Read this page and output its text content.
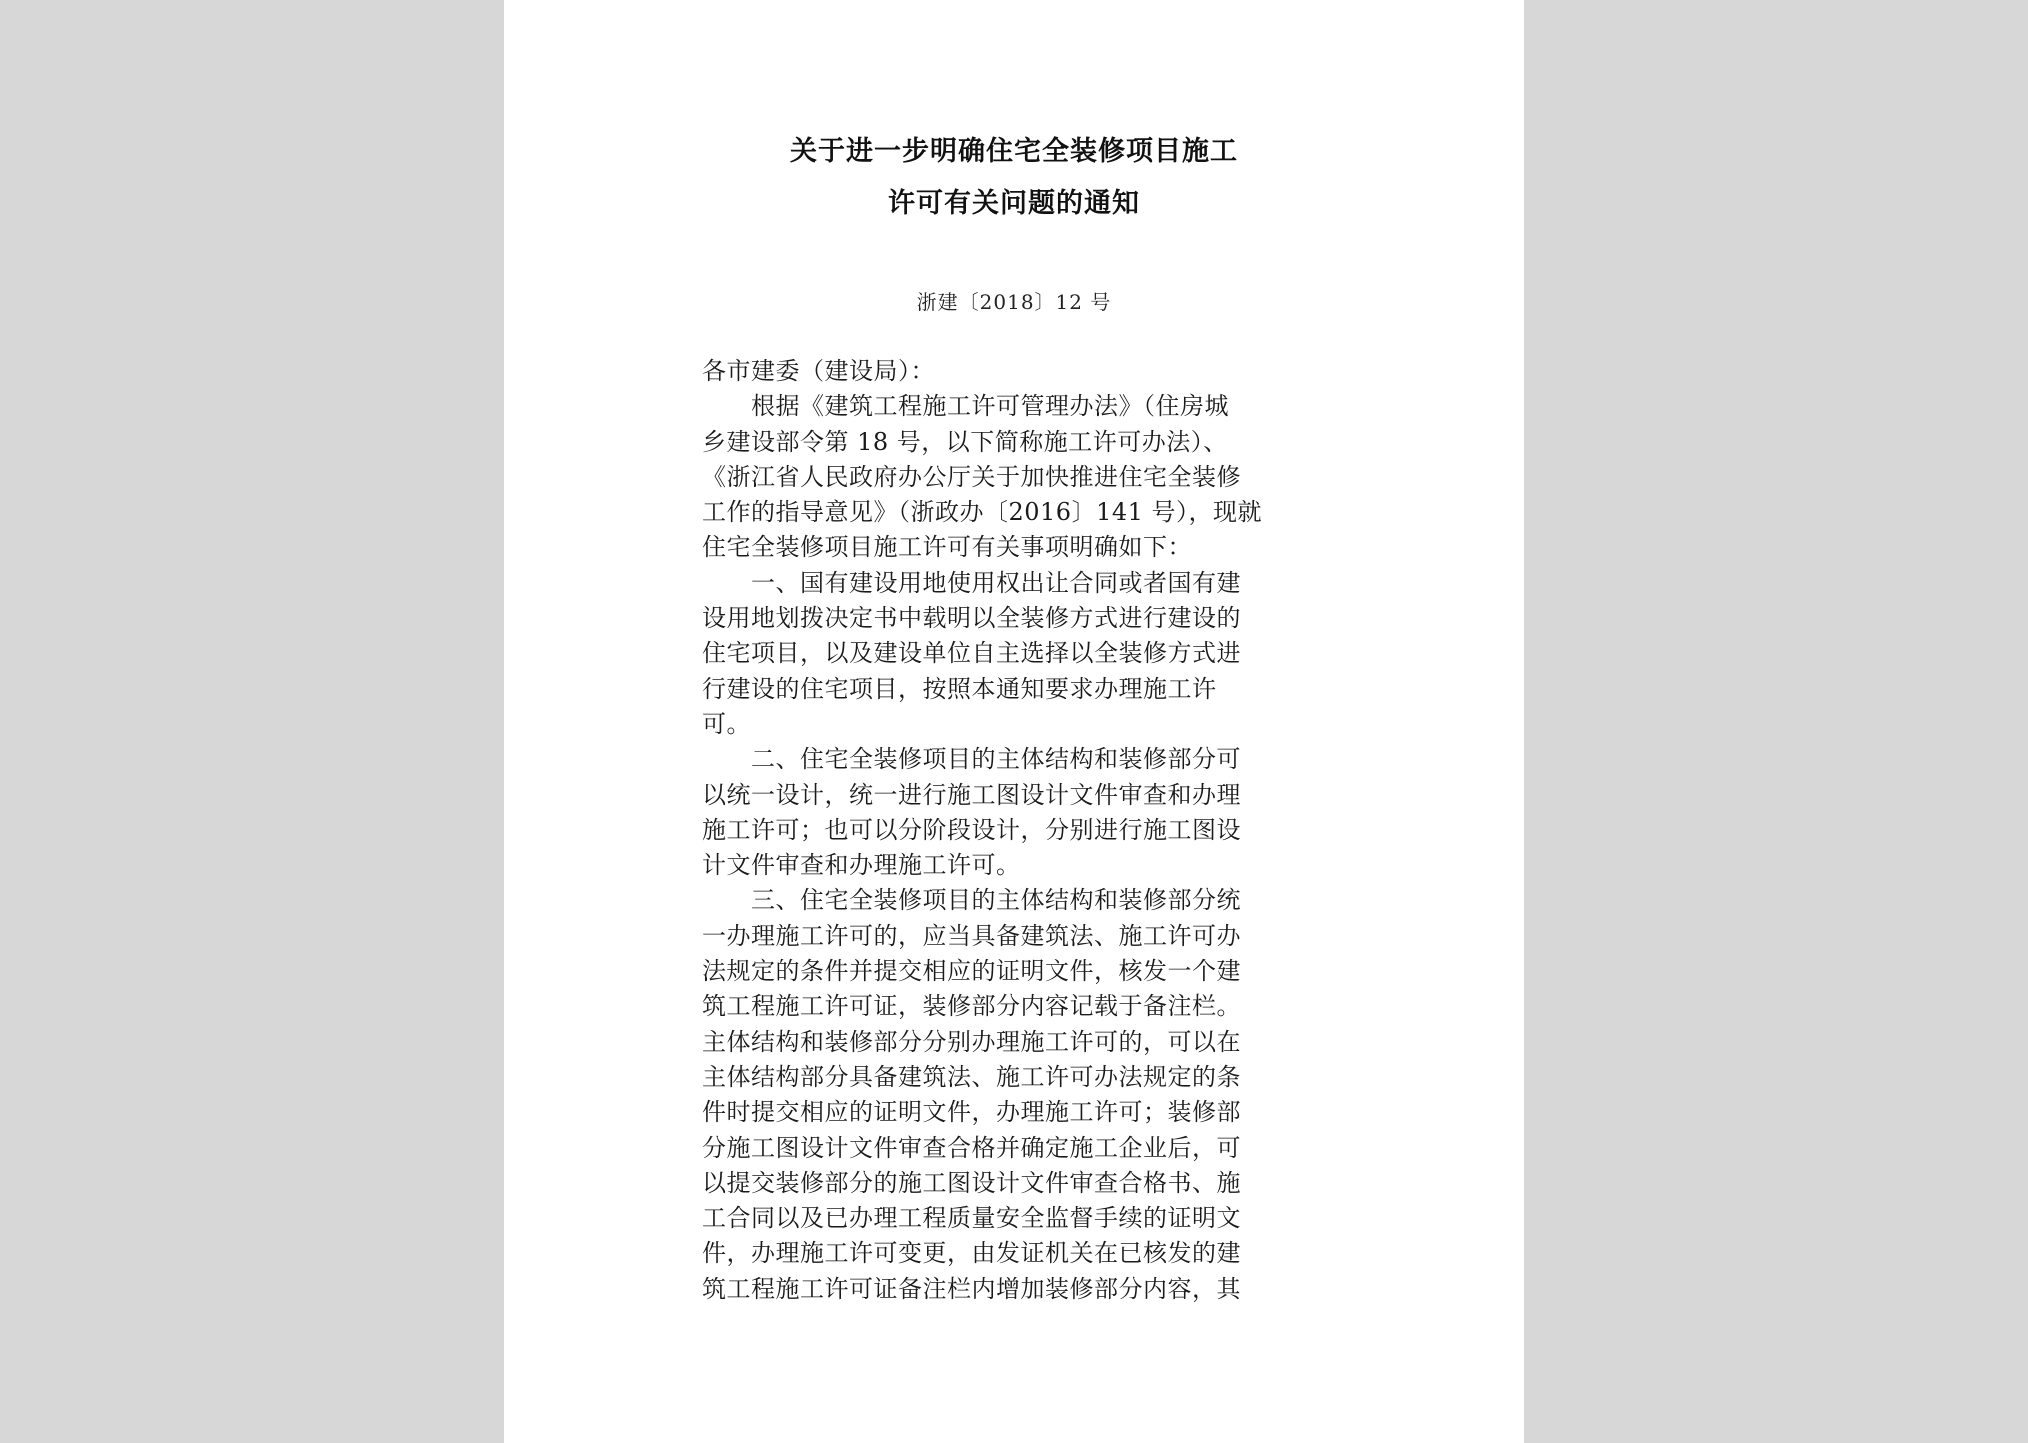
关于进一步明确住宅全装修项目施工
许可有关问题的通知
浙建〔2018〕12 号
各市建委（建设局）：
　　根据《建筑工程施工许可管理办法》（住房城
乡建设部令第 18 号，以下简称施工许可办法）、
《浙江省人民政府办公厅关于加快推进住宅全装修
工作的指导意见》（浙政办〔2016〕141 号），现就
住宅全装修项目施工许可有关事项明确如下：
　　一、国有建设用地使用权出让合同或者国有建
设用地划拨决定书中载明以全装修方式进行建设的
住宅项目，以及建设单位自主选择以全装修方式进
行建设的住宅项目，按照本通知要求办理施工许
可。
　　二、住宅全装修项目的主体结构和装修部分可
以统一设计，统一进行施工图设计文件审查和办理
施工许可；也可以分阶段设计，分别进行施工图设
计文件审查和办理施工许可。
　　三、住宅全装修项目的主体结构和装修部分统
一办理施工许可的，应当具备建筑法、施工许可办
法规定的条件并提交相应的证明文件，核发一个建
筑工程施工许可证，装修部分内容记载于备注栏。
主体结构和装修部分分别办理施工许可的，可以在
主体结构部分具备建筑法、施工许可办法规定的条
件时提交相应的证明文件，办理施工许可；装修部
分施工图设计文件审查合格并确定施工企业后，可
以提交装修部分的施工图设计文件审查合格书、施
工合同以及已办理工程质量安全监督手续的证明文
件，办理施工许可变更，由发证机关在已核发的建
筑工程施工许可证备注栏内增加装修部分内容，其
